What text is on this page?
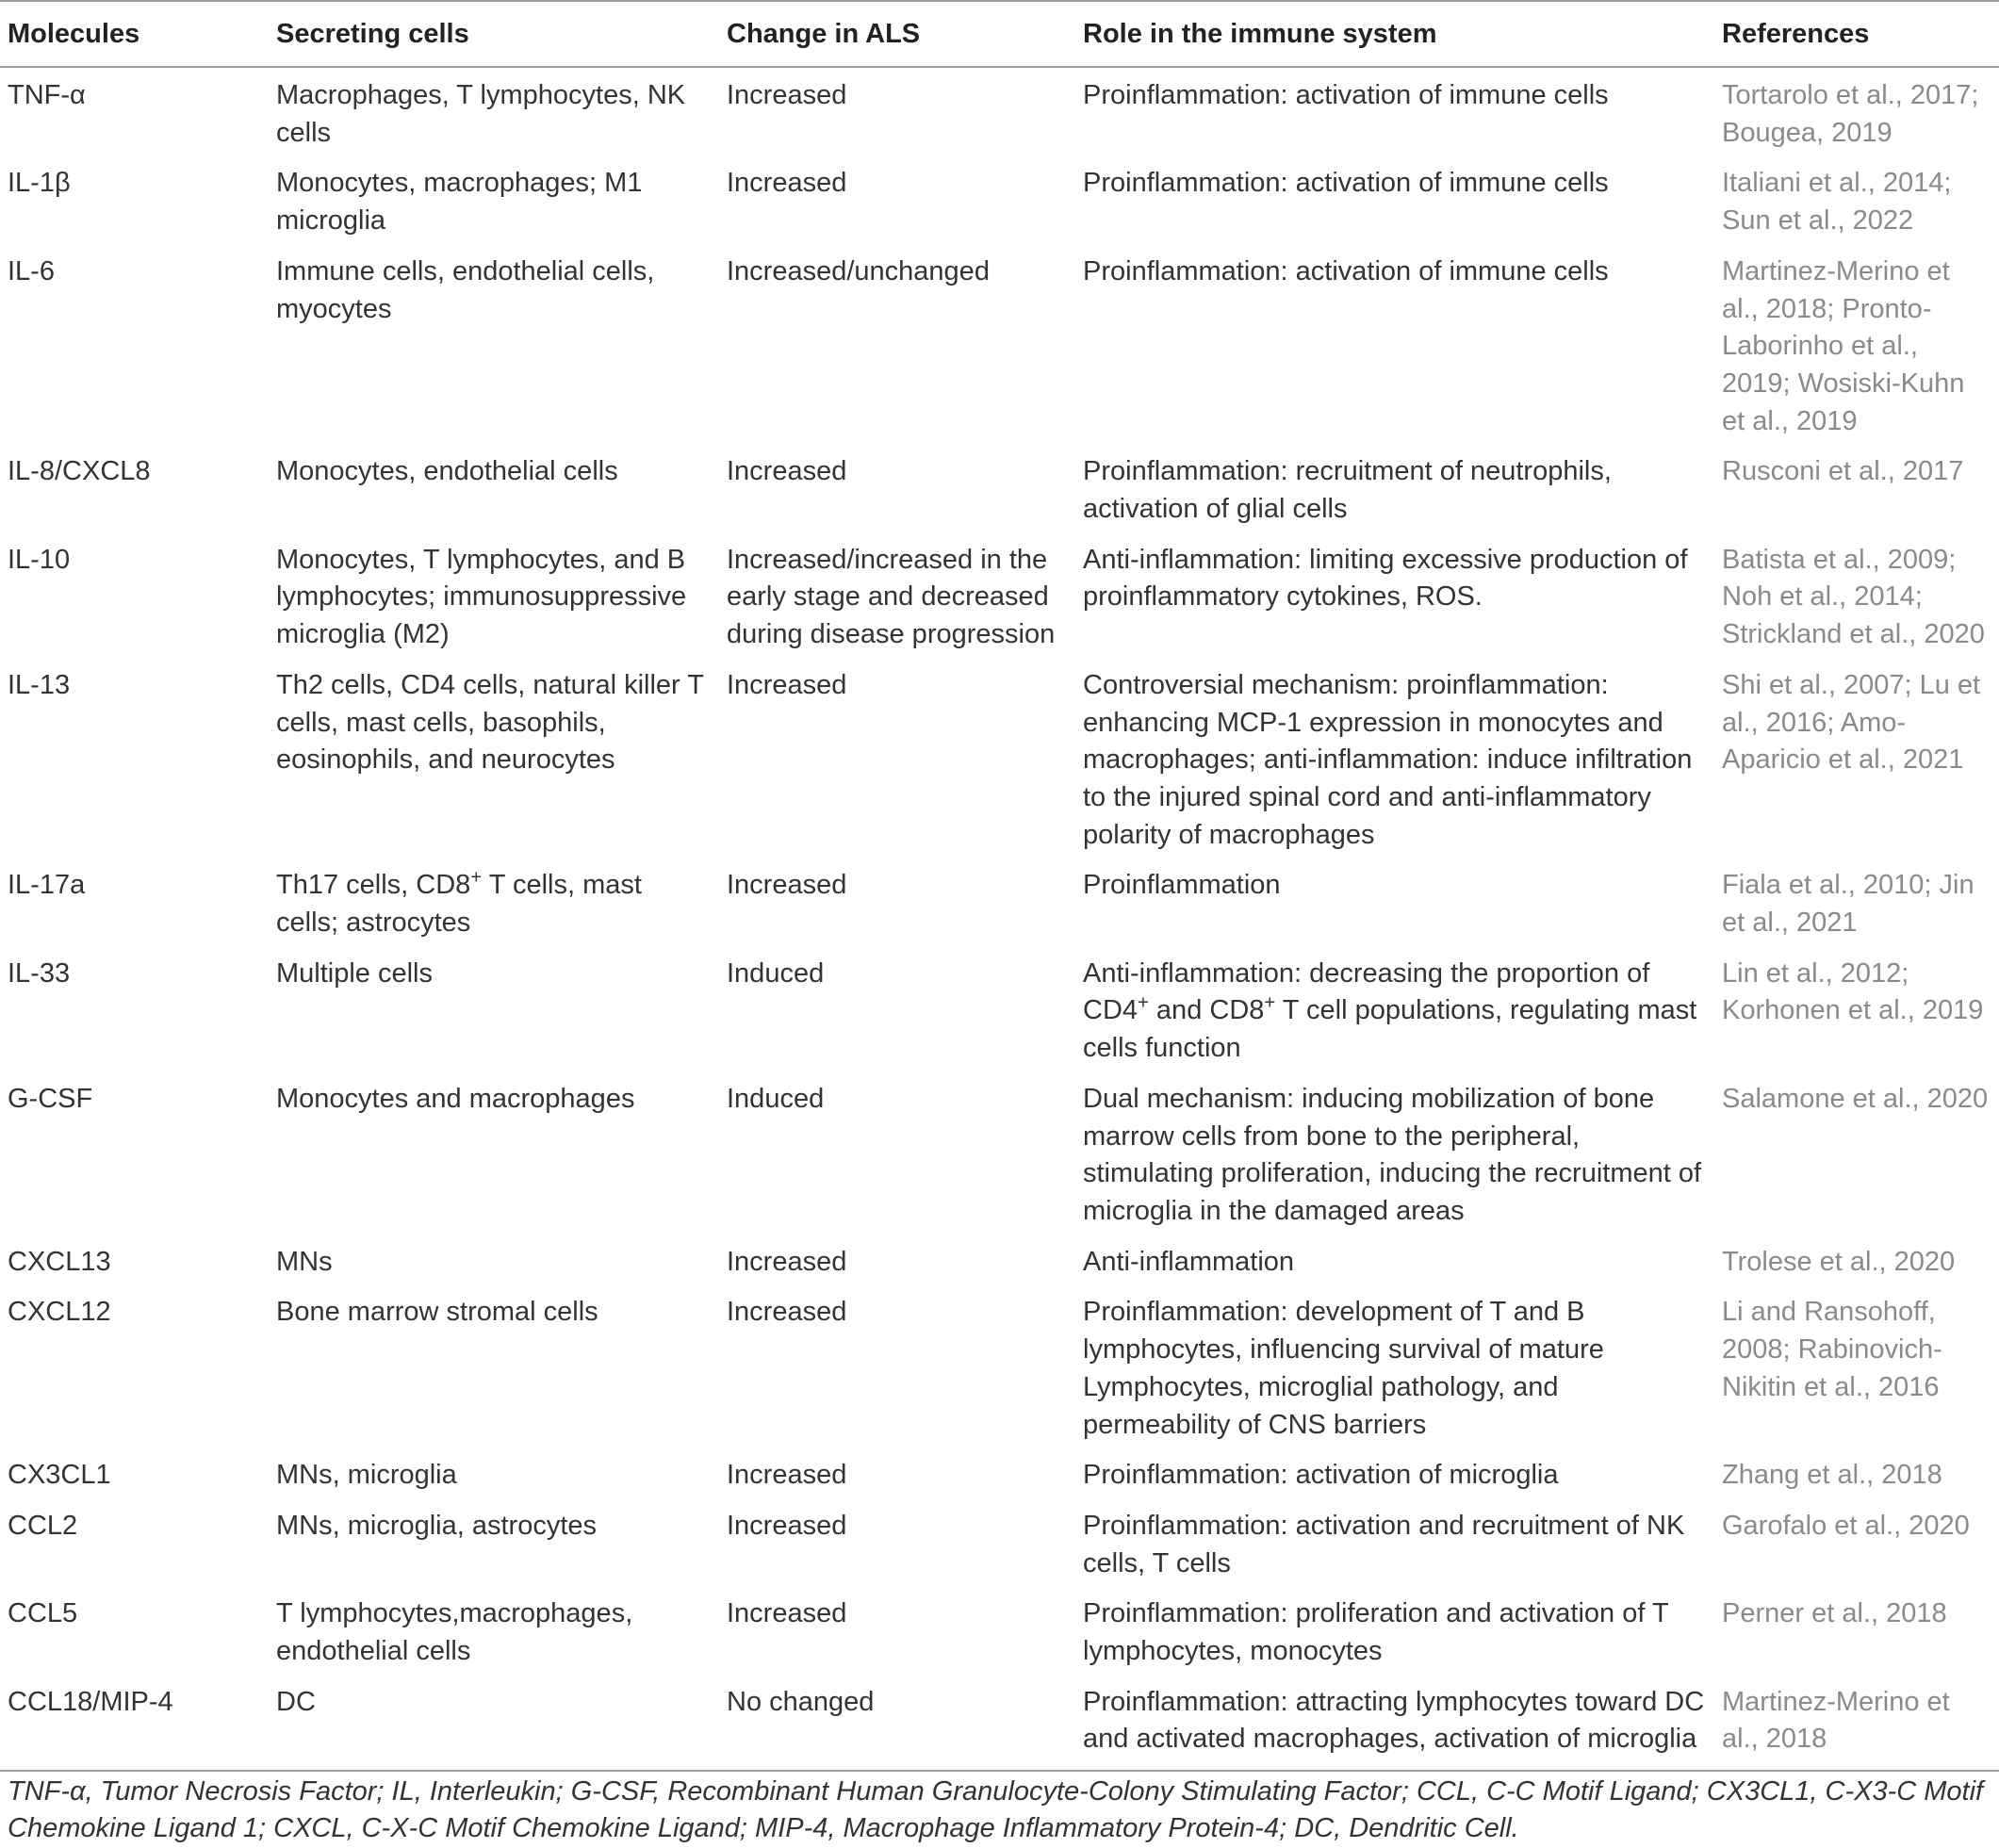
Molecules	Secreting cells	Change in ALS	Role in the immune system	References
TNF-α	Macrophages, T lymphocytes, NK cells	Increased	Proinflammation: activation of immune cells	Tortarolo et al., 2017; Bougea, 2019
IL-1β	Monocytes, macrophages; M1 microglia	Increased	Proinflammation: activation of immune cells	Italiani et al., 2014; Sun et al., 2022
IL-6	Immune cells, endothelial cells, myocytes	Increased/unchanged	Proinflammation: activation of immune cells	Martinez-Merino et al., 2018; Pronto-Laborinho et al., 2019; Wosiski-Kuhn et al., 2019
IL-8/CXCL8	Monocytes, endothelial cells	Increased	Proinflammation: recruitment of neutrophils, activation of glial cells	Rusconi et al., 2017
IL-10	Monocytes, T lymphocytes, and B lymphocytes; immunosuppressive microglia (M2)	Increased/increased in the early stage and decreased during disease progression	Anti-inflammation: limiting excessive production of proinflammatory cytokines, ROS.	Batista et al., 2009; Noh et al., 2014; Strickland et al., 2020
IL-13	Th2 cells, CD4 cells, natural killer T cells, mast cells, basophils, eosinophils, and neurocytes	Increased	Controversial mechanism: proinflammation: enhancing MCP-1 expression in monocytes and macrophages; anti-inflammation: induce infiltration to the injured spinal cord and anti-inflammatory polarity of macrophages	Shi et al., 2007; Lu et al., 2016; Amo-Aparicio et al., 2021
IL-17a	Th17 cells, CD8+ T cells, mast cells; astrocytes	Increased	Proinflammation	Fiala et al., 2010; Jin et al., 2021
IL-33	Multiple cells	Induced	Anti-inflammation: decreasing the proportion of CD4+ and CD8+ T cell populations, regulating mast cells function	Lin et al., 2012; Korhonen et al., 2019
G-CSF	Monocytes and macrophages	Induced	Dual mechanism: inducing mobilization of bone marrow cells from bone to the peripheral, stimulating proliferation, inducing the recruitment of microglia in the damaged areas	Salamone et al., 2020
CXCL13	MNs	Increased	Anti-inflammation	Trolese et al., 2020
CXCL12	Bone marrow stromal cells	Increased	Proinflammation: development of T and B lymphocytes, influencing survival of mature Lymphocytes, microglial pathology, and permeability of CNS barriers	Li and Ransohoff, 2008; Rabinovich-Nikitin et al., 2016
CX3CL1	MNs, microglia	Increased	Proinflammation: activation of microglia	Zhang et al., 2018
CCL2	MNs, microglia, astrocytes	Increased	Proinflammation: activation and recruitment of NK cells, T cells	Garofalo et al., 2020
CCL5	T lymphocytes,macrophages, endothelial cells	Increased	Proinflammation: proliferation and activation of T lymphocytes, monocytes	Perner et al., 2018
CCL18/MIP-4	DC	No changed	Proinflammation: attracting lymphocytes toward DC and activated macrophages, activation of microglia	Martinez-Merino et al., 2018
TNF-α, Tumor Necrosis Factor; IL, Interleukin; G-CSF, Recombinant Human Granulocyte-Colony Stimulating Factor; CCL, C-C Motif Ligand; CX3CL1, C-X3-C Motif Chemokine Ligand 1; CXCL, C-X-C Motif Chemokine Ligand; MIP-4, Macrophage Inflammatory Protein-4; DC, Dendritic Cell.
